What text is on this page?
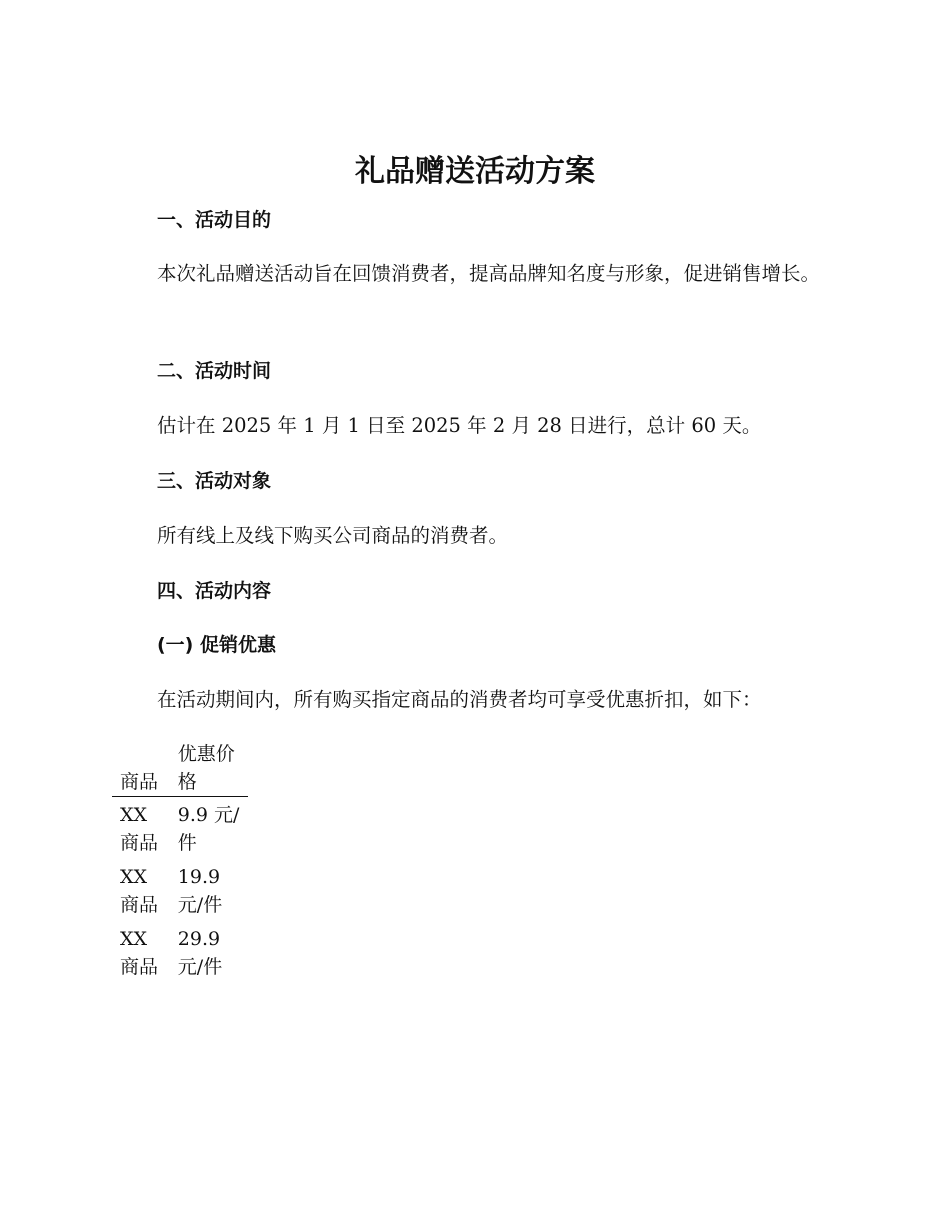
礼品赠送活动方案
一、活动目的

本次礼品赠送活动旨在回馈消费者，提高品牌知名度与形象，促进销售增长。

二、活动时间

估计在 2025 年 1 月 1 日至 2025 年 2 月 28 日进行，总计 60 天。

三、活动对象

所有线上及线下购买公司商品的消费者。

四、活动内容
(一) 促销优惠

在活动期间内，所有购买指定商品的消费者均可享受优惠折扣，如下：

商品	优惠价格

XX 商品	9.9 元/件

XX 商品	19.9 元/件

XX 商品	29.9 元/件
